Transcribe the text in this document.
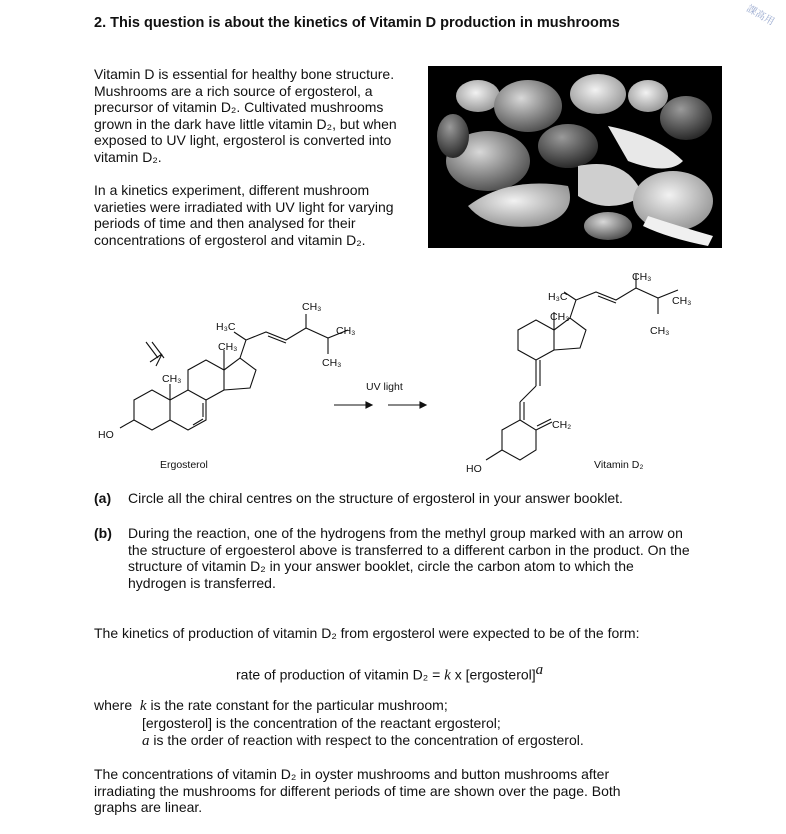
課高用
2. This question is about the kinetics of Vitamin D production in mushrooms

Vitamin D is essential for healthy bone structure. Mushrooms are a rich source of ergosterol, a precursor of vitamin D₂. Cultivated mushrooms grown in the dark have little vitamin D₂, but when exposed to UV light, ergosterol is converted into vitamin D₂.

In a kinetics experiment, different mushroom varieties were irradiated with UV light for varying periods of time and then analysed for their concentrations of ergosterol and vitamin D₂.

CH₃
CH₃
CH₃
H₃C
CH₃
CH₃
HO
UV light
Ergosterol
CH₃
CH₃
CH₃
H₃C
CH₃
CH₂
HO	Vitamin D₂
(a) Circle all the chiral centres on the structure of ergosterol in your answer booklet.
(b) During the reaction, one of the hydrogens from the methyl group marked with an arrow on the structure of ergoesterol above is transferred to a different carbon in the product. On the structure of vitamin D₂ in your answer booklet, circle the carbon atom to which the hydrogen is transferred.
The kinetics of production of vitamin D₂ from ergosterol were expected to be of the form:
rate of production of vitamin D₂ = k x [ergosterol]$^a$
where k is the rate constant for the particular mushroom;
[ergosterol] is the concentration of the reactant ergosterol;
a is the order of reaction with respect to the concentration of ergosterol.
The concentrations of vitamin D₂ in oyster mushrooms and button mushrooms after irradiating the mushrooms for different periods of time are shown over the page. Both graphs are linear.
